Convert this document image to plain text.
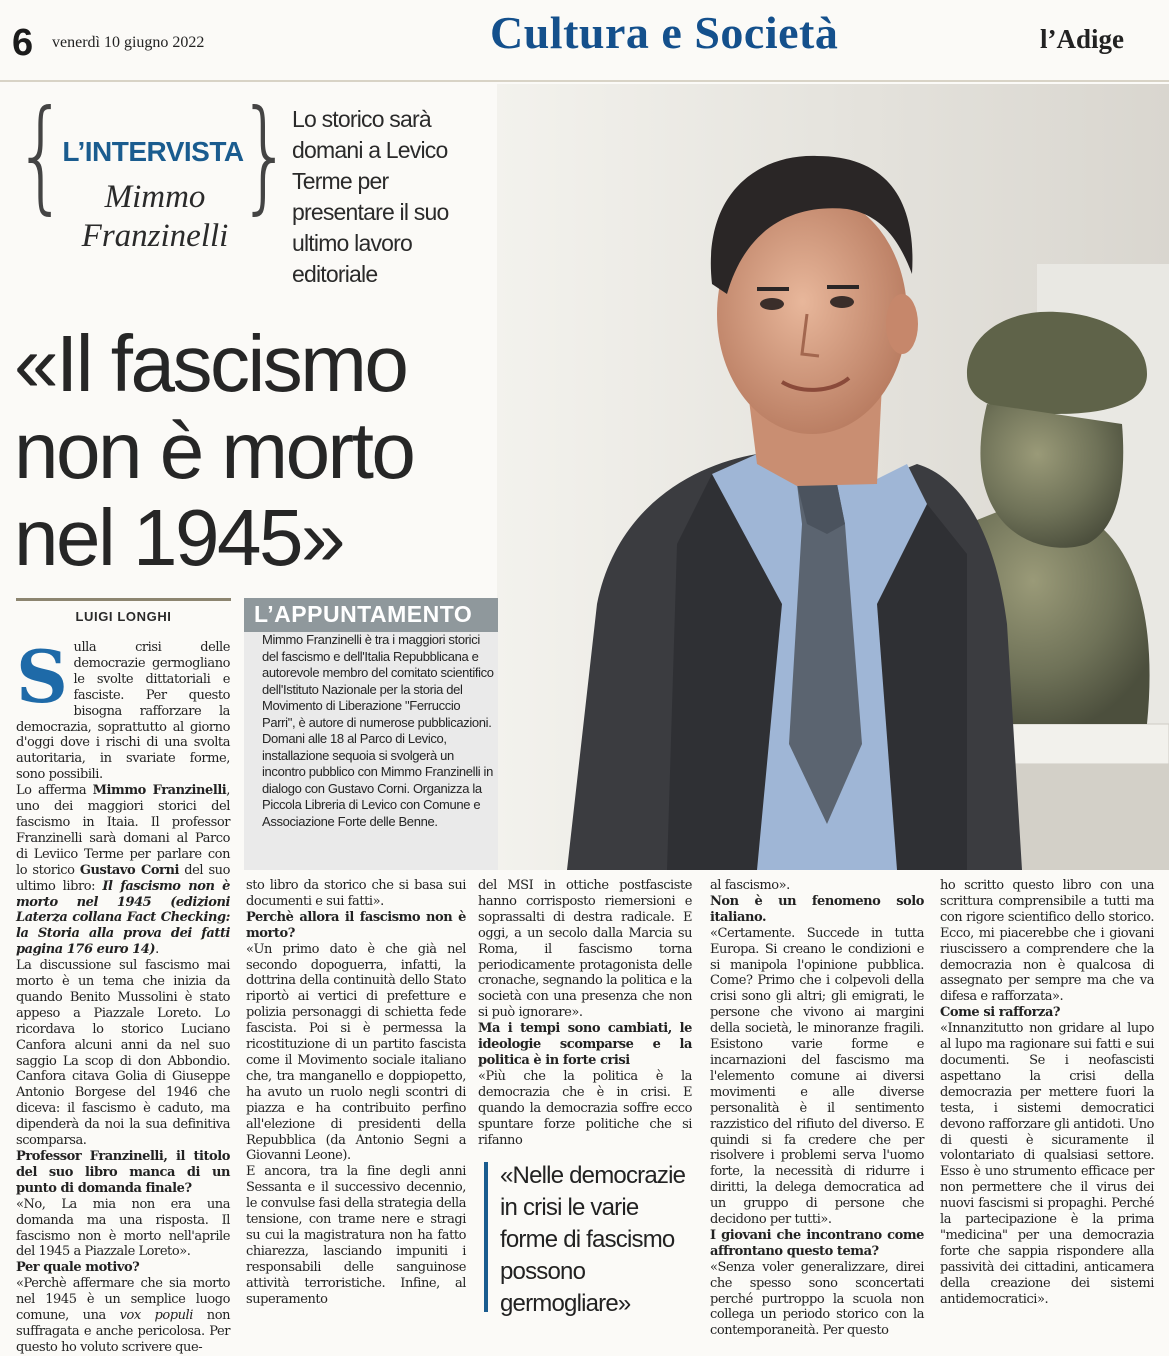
6 venerdì 10 giugno 2022	Cultura e Società	l’Adige
{ }
L’INTERVISTA
Mimmo
Franzinelli
Lo storico sarà domani a Levico Terme per presentare il suo ultimo lavoro editoriale
«Il fascismo
non è morto
nel 1945»
LUIGI LONGHI	L’APPUNTAMENTO
Mimmo Franzinelli è tra i maggiori storici del fascismo e dell'Italia Repubblicana e autorevole membro del comitato scientifico dell'Istituto Nazionale per la storia del Movimento di Liberazione "Ferruccio Parri", è autore di numerose pubblicazioni. Domani alle 18 al Parco di Levico, installazione sequoia si svolgerà un incontro pubblico con Mimmo Franzinelli in dialogo con Gustavo Corni. Organizza la Piccola Libreria di Levico con Comune e Associazione Forte delle Benne.

S ulla crisi delle democrazie germogliano le svolte dittatoriali e fasciste. Per questo bisogna rafforzare la democrazia, soprattutto al giorno d'oggi dove i rischi di una svolta autoritaria, in svariate forme, sono possibili.

Lo afferma Mimmo Franzinelli, uno dei maggiori storici del fascismo in Itaia. Il professor Franzinelli sarà domani al Parco di Leviico Terme per parlare con lo storico Gustavo Corni del suo ultimo libro: Il fascismo non è morto nel 1945 (edizioni Laterza collana Fact Checking: la Storia alla prova dei fatti pagina 176 euro 14).

La discussione sul fascismo mai morto è un tema che inizia da quando Benito Mussolini è stato appeso a Piazzale Loreto. Lo ricordava lo storico Luciano Canfora alcuni anni da nel suo saggio La scop di don Abbondio. Canfora citava Golia di Giuseppe Antonio Borgese del 1946 che diceva: il fascismo è caduto, ma dipenderà da noi la sua definitiva scomparsa.

Professor Franzinelli, il titolo del suo libro manca di un punto di domanda finale?

«No, La mia non era una domanda ma una risposta. Il fascismo non è morto nell'aprile del 1945 a Piazzale Loreto».

Per quale motivo?

«Perchè affermare che sia morto nel 1945 è un semplice luogo comune, una vox populi non suffragata e anche pericolosa. Per questo ho voluto scrivere que-

sto libro da storico che si basa sui documenti e sui fatti».

Perchè allora il fascismo non è morto?

«Un primo dato è che già nel secondo dopoguerra, infatti, la dottrina della continuità dello Stato riportò ai vertici di prefetture e polizia personaggi di schietta fede fascista. Poi si è permessa la ricostituzione di un partito fascista come il Movimento sociale italiano che, tra manganello e doppiopetto, ha avuto un ruolo negli scontri di piazza e ha contribuito perfino all'elezione di presidenti della Repubblica (da Antonio Segni a Giovanni Leone).

E ancora, tra la fine degli anni Sessanta e il successivo decennio, le convulse fasi della strategia della tensione, con trame nere e stragi su cui la magistratura non ha fatto chiarezza, lasciando impuniti i responsabili delle sanguinose attività terroristiche. Infine, al superamento

del MSI in ottiche postfasciste hanno corrisposto riemersioni e soprassalti di destra radicale. E oggi, a un secolo dalla Marcia su Roma, il fascismo torna periodicamente protagonista delle cronache, segnando la politica e la società con una presenza che non si può ignorare».

Ma i tempi sono cambiati, le ideologie scomparse e la politica è in forte crisi

«Più che la politica è la democrazia che è in crisi. E quando la democrazia soffre ecco spuntare forze politiche che si rifanno

«Nelle democrazie in crisi le varie forme di fascismo possono germogliare»

al fascismo».

Non è un fenomeno solo italiano.

«Certamente. Succede in tutta Europa. Si creano le condizioni e si manipola l'opinione pubblica. Come? Primo che i colpevoli della crisi sono gli altri; gli emigrati, le persone che vivono ai margini della società, le minoranze fragili. Esistono varie forme e incarnazioni del fascismo ma l'elemento comune ai diversi movimenti e alle diverse personalità è il sentimento razzistico del rifiuto del diverso. E quindi si fa credere che per risolvere i problemi serva l'uomo forte, la necessità di ridurre i diritti, la delega democratica ad un gruppo di persone che decidono per tutti».

I giovani che incontrano come affrontano questo tema?

«Senza voler generalizzare, direi che spesso sono sconcertati perché purtroppo la scuola non collega un periodo storico con la contemporaneità. Per questo

ho scritto questo libro con una scrittura comprensibile a tutti ma con rigore scientifico dello storico. Ecco, mi piacerebbe che i giovani riuscissero a comprendere che la democrazia non è qualcosa di assegnato per sempre ma che va difesa e rafforzata».

Come si rafforza?

«Innanzitutto non gridare al lupo al lupo ma ragionare sui fatti e sui documenti. Se i neofascisti aspettano la crisi della democrazia per mettere fuori la testa, i sistemi democratici devono rafforzare gli antidoti. Uno di questi è sicuramente il volontariato di qualsiasi settore. Esso è uno strumento efficace per non permettere che il virus dei nuovi fascismi si propaghi. Perché la partecipazione è la prima "medicina" per una democrazia forte che sappia rispondere alla passività dei cittadini, anticamera della creazione dei sistemi antidemocratici».
